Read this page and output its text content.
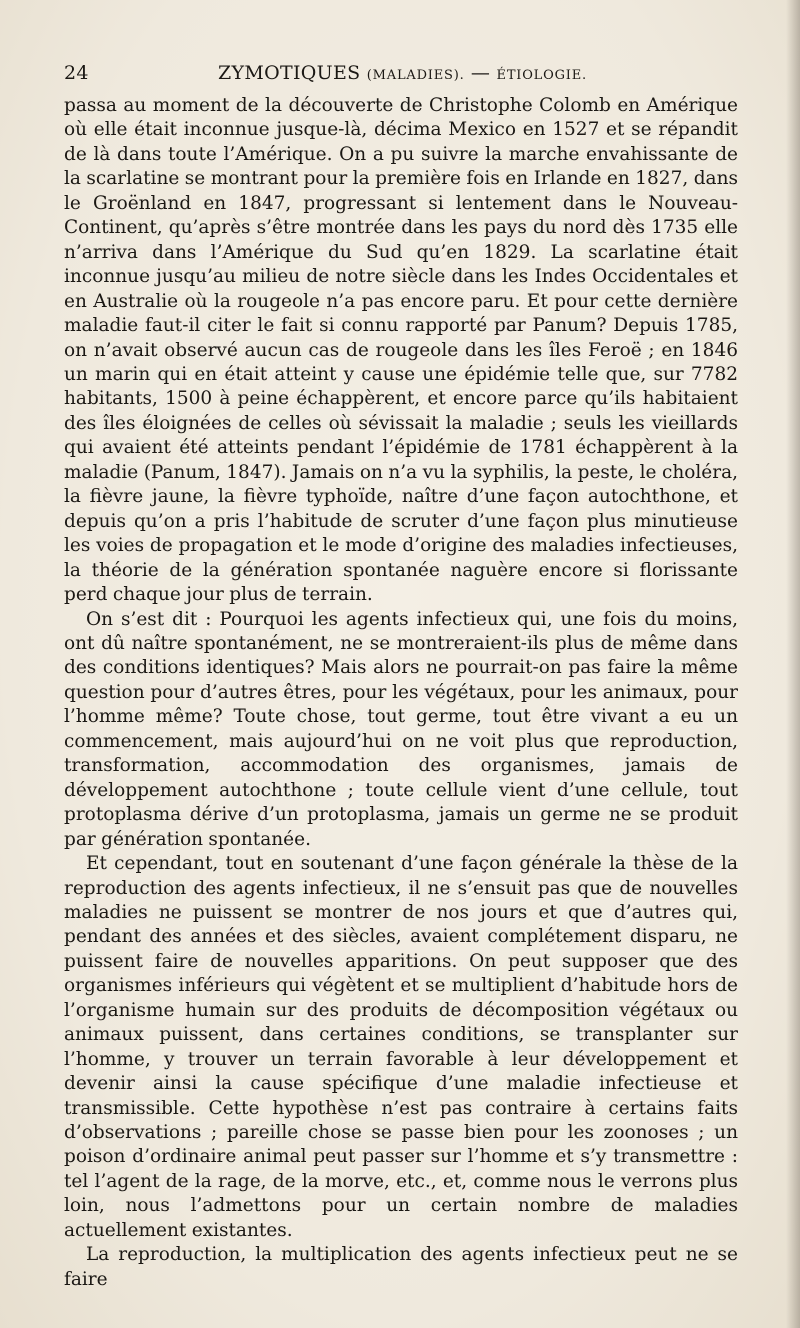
24	ZYMOTIQUES (MALADIES). — ÉTIOLOGIE.

passa au moment de la découverte de Christophe Colomb en Amérique où elle était inconnue jusque-là, décima Mexico en 1527 et se répandit de là dans toute l’Amérique. On a pu suivre la marche envahissante de la scarlatine se montrant pour la première fois en Irlande en 1827, dans le Groënland en 1847, progressant si lentement dans le Nouveau-Continent, qu’après s’être montrée dans les pays du nord dès 1735 elle n’arriva dans l’Amérique du Sud qu’en 1829. La scarlatine était inconnue jusqu’au milieu de notre siècle dans les Indes Occidentales et en Australie où la rougeole n’a pas encore paru. Et pour cette dernière maladie faut-il citer le fait si connu rapporté par Panum? Depuis 1785, on n’avait observé aucun cas de rougeole dans les îles Feroë ; en 1846 un marin qui en était atteint y cause une épidémie telle que, sur 7782 habitants, 1500 à peine échappèrent, et encore parce qu’ils habitaient des îles éloignées de celles où sévissait la maladie ; seuls les vieillards qui avaient été atteints pendant l’épidémie de 1781 échappèrent à la maladie (Panum, 1847). Jamais on n’a vu la syphilis, la peste, le choléra, la fièvre jaune, la fièvre typhoïde, naître d’une façon autochthone, et depuis qu’on a pris l’habitude de scruter d’une façon plus minutieuse les voies de propagation et le mode d’origine des maladies infectieuses, la théorie de la génération spontanée naguère encore si florissante perd chaque jour plus de terrain.

On s’est dit : Pourquoi les agents infectieux qui, une fois du moins, ont dû naître spontanément, ne se montreraient-ils plus de même dans des conditions identiques? Mais alors ne pourrait-on pas faire la même question pour d’autres êtres, pour les végétaux, pour les animaux, pour l’homme même? Toute chose, tout germe, tout être vivant a eu un commencement, mais aujourd’hui on ne voit plus que reproduction, transformation, accommodation des organismes, jamais de développement autochthone ; toute cellule vient d’une cellule, tout protoplasma dérive d’un protoplasma, jamais un germe ne se produit par génération spontanée.

Et cependant, tout en soutenant d’une façon générale la thèse de la reproduction des agents infectieux, il ne s’ensuit pas que de nouvelles maladies ne puissent se montrer de nos jours et que d’autres qui, pendant des années et des siècles, avaient complétement disparu, ne puissent faire de nouvelles apparitions. On peut supposer que des organismes inférieurs qui végètent et se multiplient d’habitude hors de l’organisme humain sur des produits de décomposition végétaux ou animaux puissent, dans certaines conditions, se transplanter sur l’homme, y trouver un terrain favorable à leur développement et devenir ainsi la cause spécifique d’une maladie infectieuse et transmissible. Cette hypothèse n’est pas contraire à certains faits d’observations ; pareille chose se passe bien pour les zoonoses ; un poison d’ordinaire animal peut passer sur l’homme et s’y transmettre : tel l’agent de la rage, de la morve, etc., et, comme nous le verrons plus loin, nous l’admettons pour un certain nombre de maladies actuellement existantes.

La reproduction, la multiplication des agents infectieux peut ne se faire
